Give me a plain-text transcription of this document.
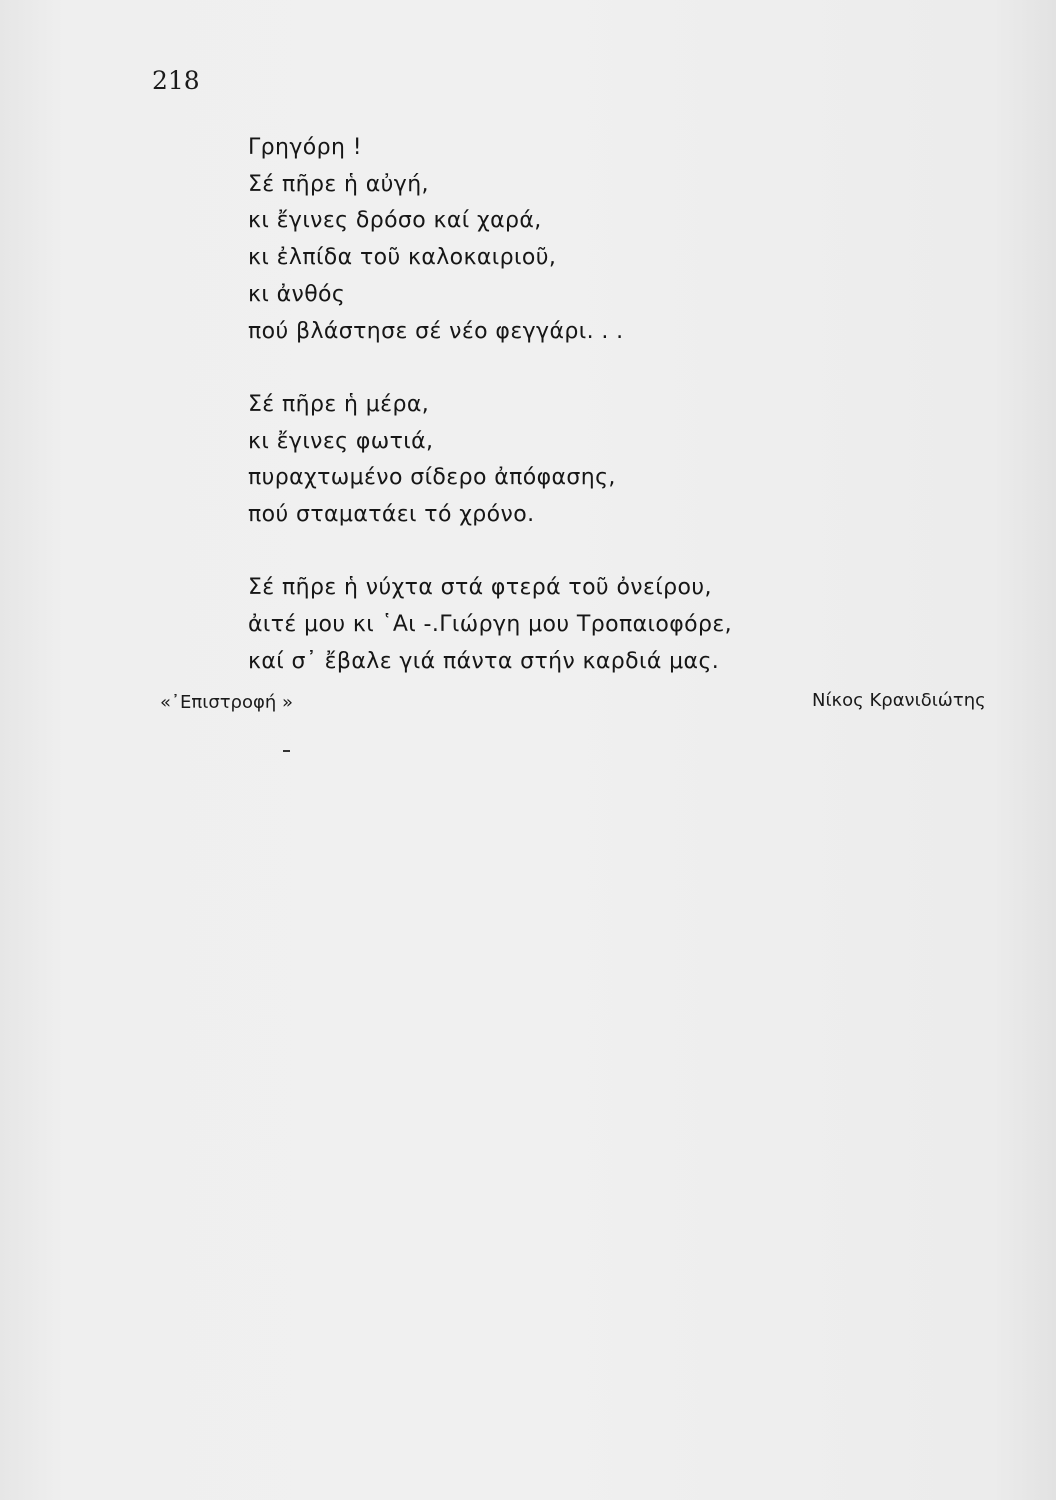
218
Γρηγόρη !
Σέ πῆρε ἡ αὐγή,
κι ἔγινες δρόσο καί χαρά,
κι ἐλπίδα τοῦ καλοκαιριοῦ,
κι ἀνθός
πού βλάστησε σέ νέο φεγγάρι. . .
Σέ πῆρε ἡ μέρα,
κι ἔγινες φωτιά,
πυραχτωμένο σίδερο ἀπόφασης,
πού σταματάει τό χρόνο.
Σέ πῆρε ἡ νύχτα στά φτερά τοῦ ὀνείρου,
ἀιτέ μου κι ῾Αι -.Γιώργη μου Τροπαιοφόρε,
καί σ᾿ ἔβαλε γιά πάντα στήν καρδιά μας.
«᾿Επιστροφή »	Νίκος Κρανιδιώτης
